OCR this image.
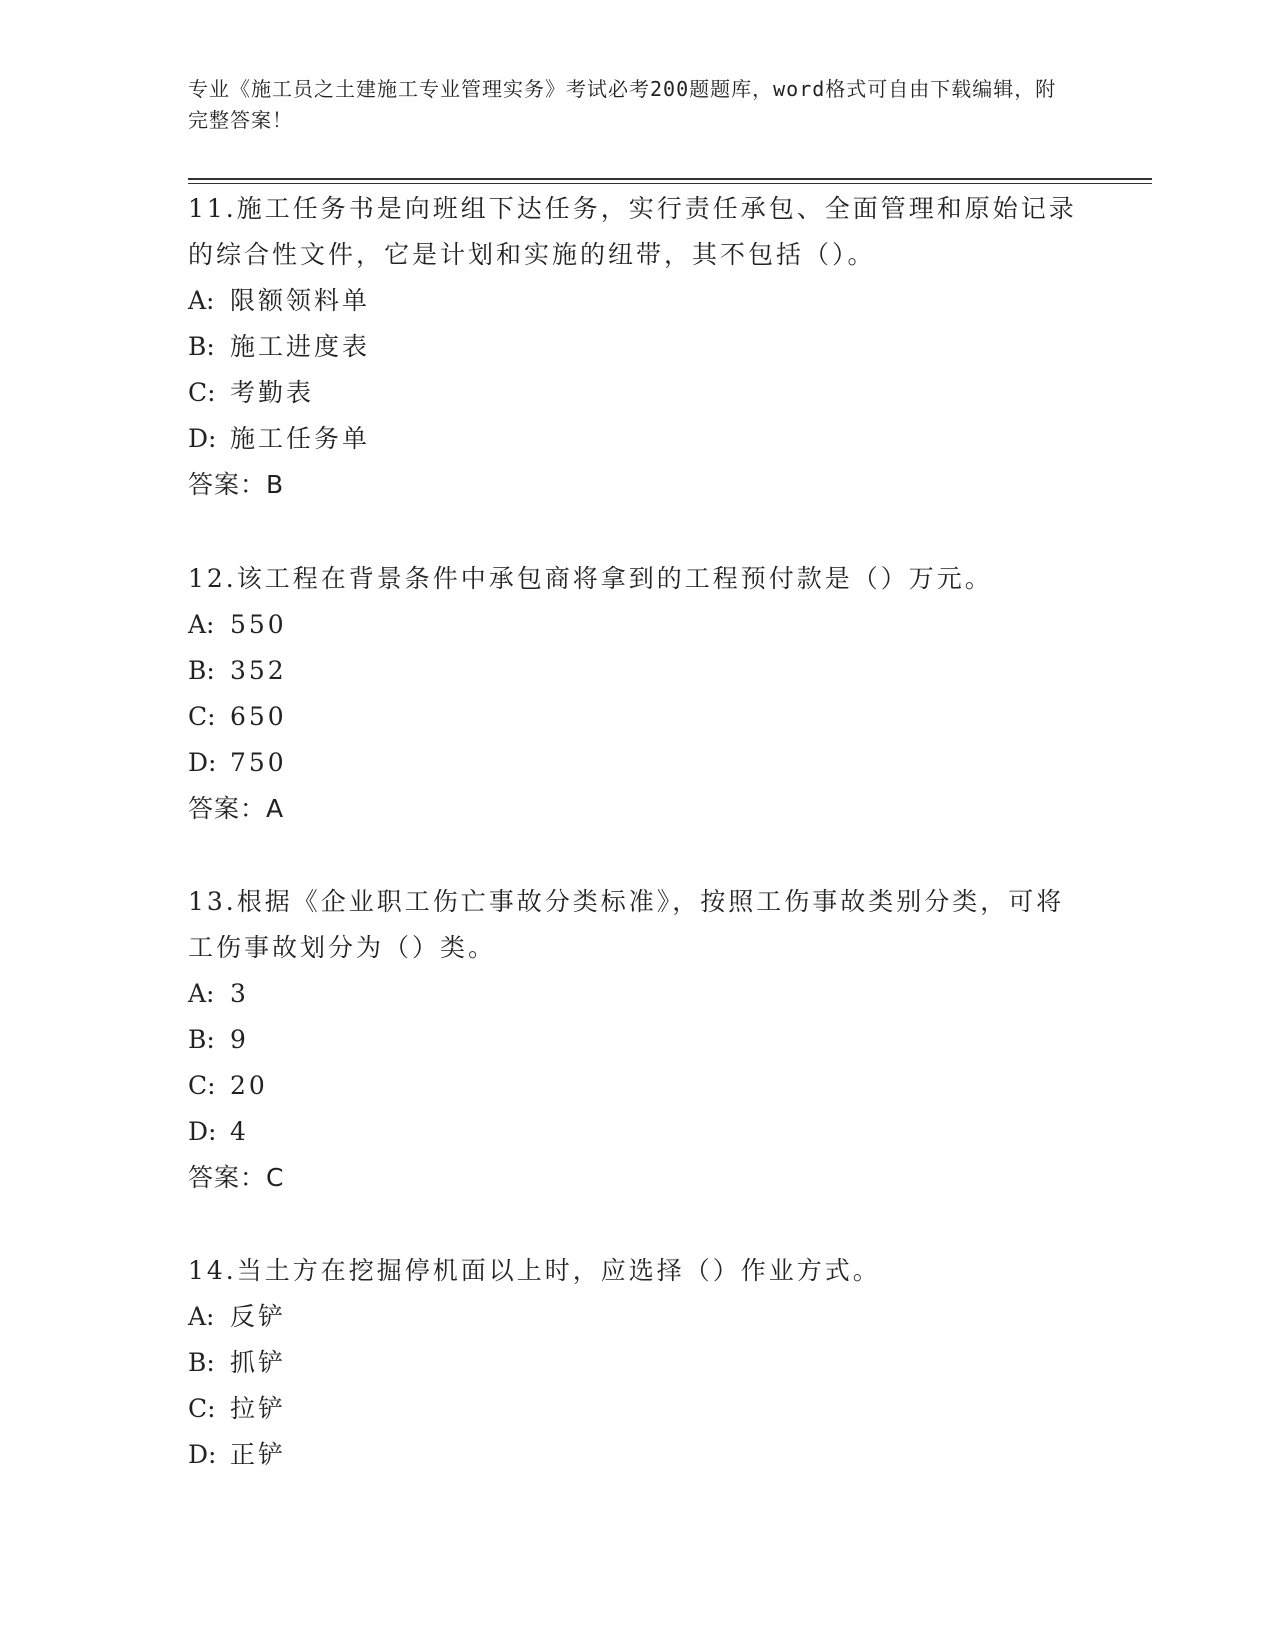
专业《施工员之土建施工专业管理实务》考试必考200题题库，word格式可自由下载编辑，附完整答案！
11.施工任务书是向班组下达任务，实行责任承包、全面管理和原始记录的综合性文件，它是计划和实施的纽带，其不包括（）。
A: 限额领料单
B: 施工进度表
C: 考勤表
D: 施工任务单
答案：B
12.该工程在背景条件中承包商将拿到的工程预付款是（）万元。
A: 550
B: 352
C: 650
D: 750
答案：A
13.根据《企业职工伤亡事故分类标准》，按照工伤事故类别分类，可将工伤事故划分为（）类。
A: 3
B: 9
C: 20
D: 4
答案：C
14.当土方在挖掘停机面以上时，应选择（）作业方式。
A: 反铲
B: 抓铲
C: 拉铲
D: 正铲
